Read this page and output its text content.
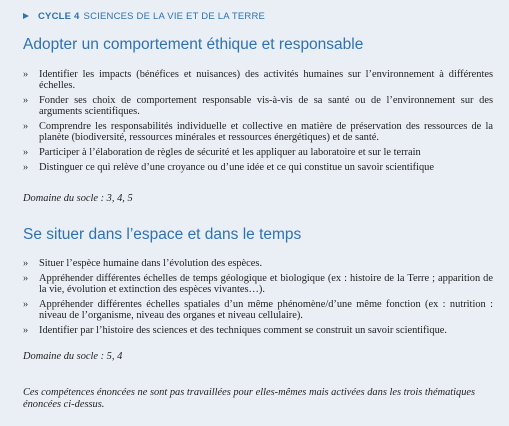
CYCLE 4 SCIENCES DE LA VIE ET DE LA TERRE
Adopter un comportement éthique et responsable
» Identifier les impacts (bénéfices et nuisances) des activités humaines sur l’environnement à différentes échelles.
» Fonder ses choix de comportement responsable vis-à-vis de sa santé ou de l’environnement sur des arguments scientifiques.
» Comprendre les responsabilités individuelle et collective en matière de préservation des ressources de la planète (biodiversité, ressources minérales et ressources énergétiques) et de santé.
» Participer à l’élaboration de règles de sécurité et les appliquer au laboratoire et sur le terrain
» Distinguer ce qui relève d’une croyance ou d’une idée et ce qui constitue un savoir scientifique
Domaine du socle : 3, 4, 5
Se situer dans l’espace et dans le temps
» Situer l’espèce humaine dans l’évolution des espèces.
» Appréhender différentes échelles de temps géologique et biologique (ex : histoire de la Terre ; apparition de la vie, évolution et extinction des espèces vivantes…).
» Appréhender différentes échelles spatiales d’un même phénomène/d’une même fonction (ex : nutrition : niveau de l’organisme, niveau des organes et niveau cellulaire).
» Identifier par l’histoire des sciences et des techniques comment se construit un savoir scientifique.
Domaine du socle : 5, 4
Ces compétences énoncées ne sont pas travaillées pour elles-mêmes mais activées dans les trois thématiques énoncées ci-dessus.
